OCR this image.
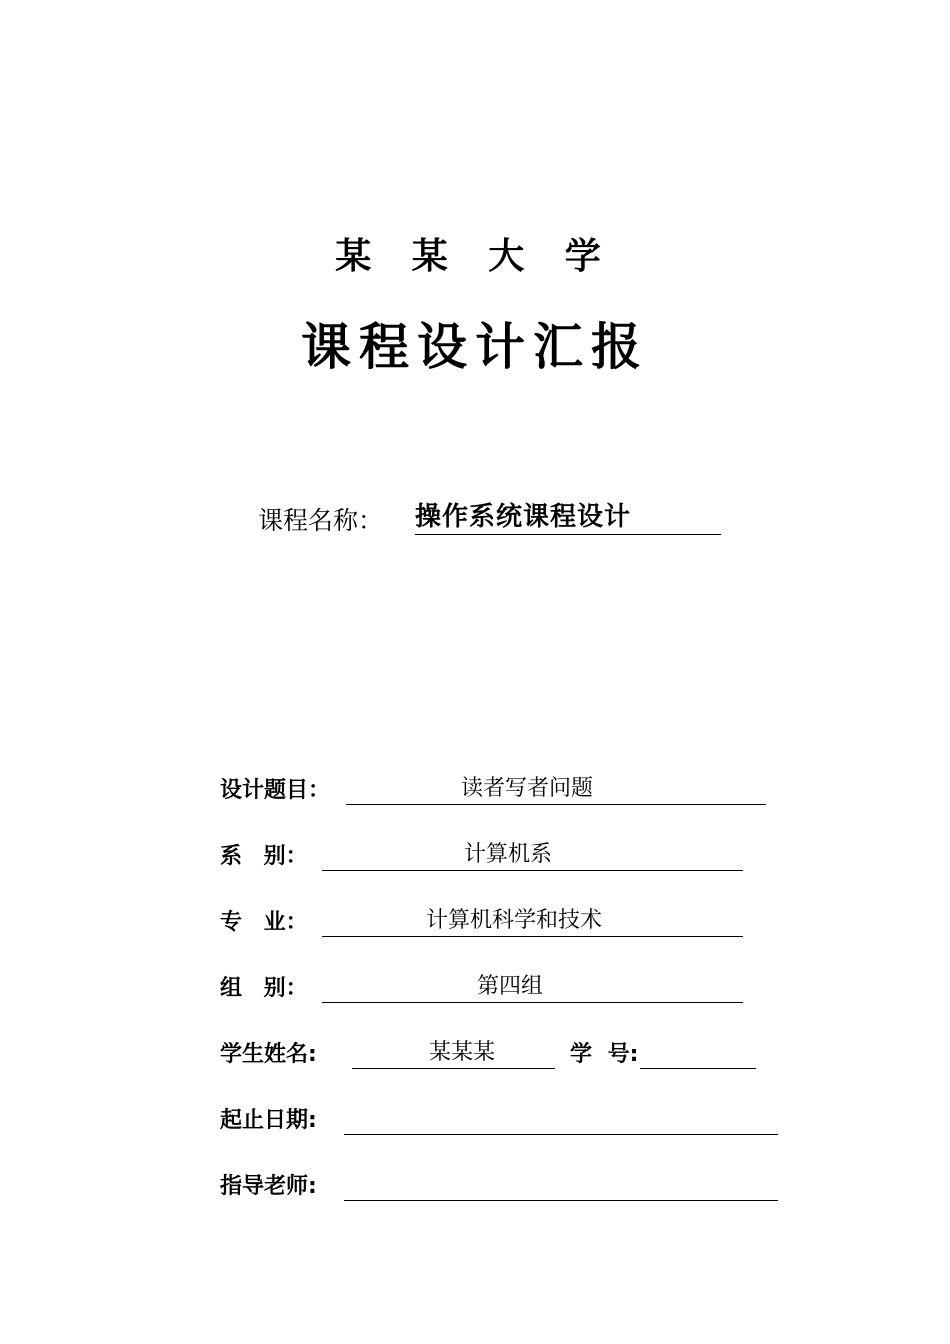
某 某 大 学
课程设计汇报
课程名称： 操作系统课程设计
设计题目：	读者写者问题
系 别：	计算机系
专 业：	计算机科学和技术
组 别：	第四组
学生姓名:	某某某	学 号:
起止日期:
指导老师:
